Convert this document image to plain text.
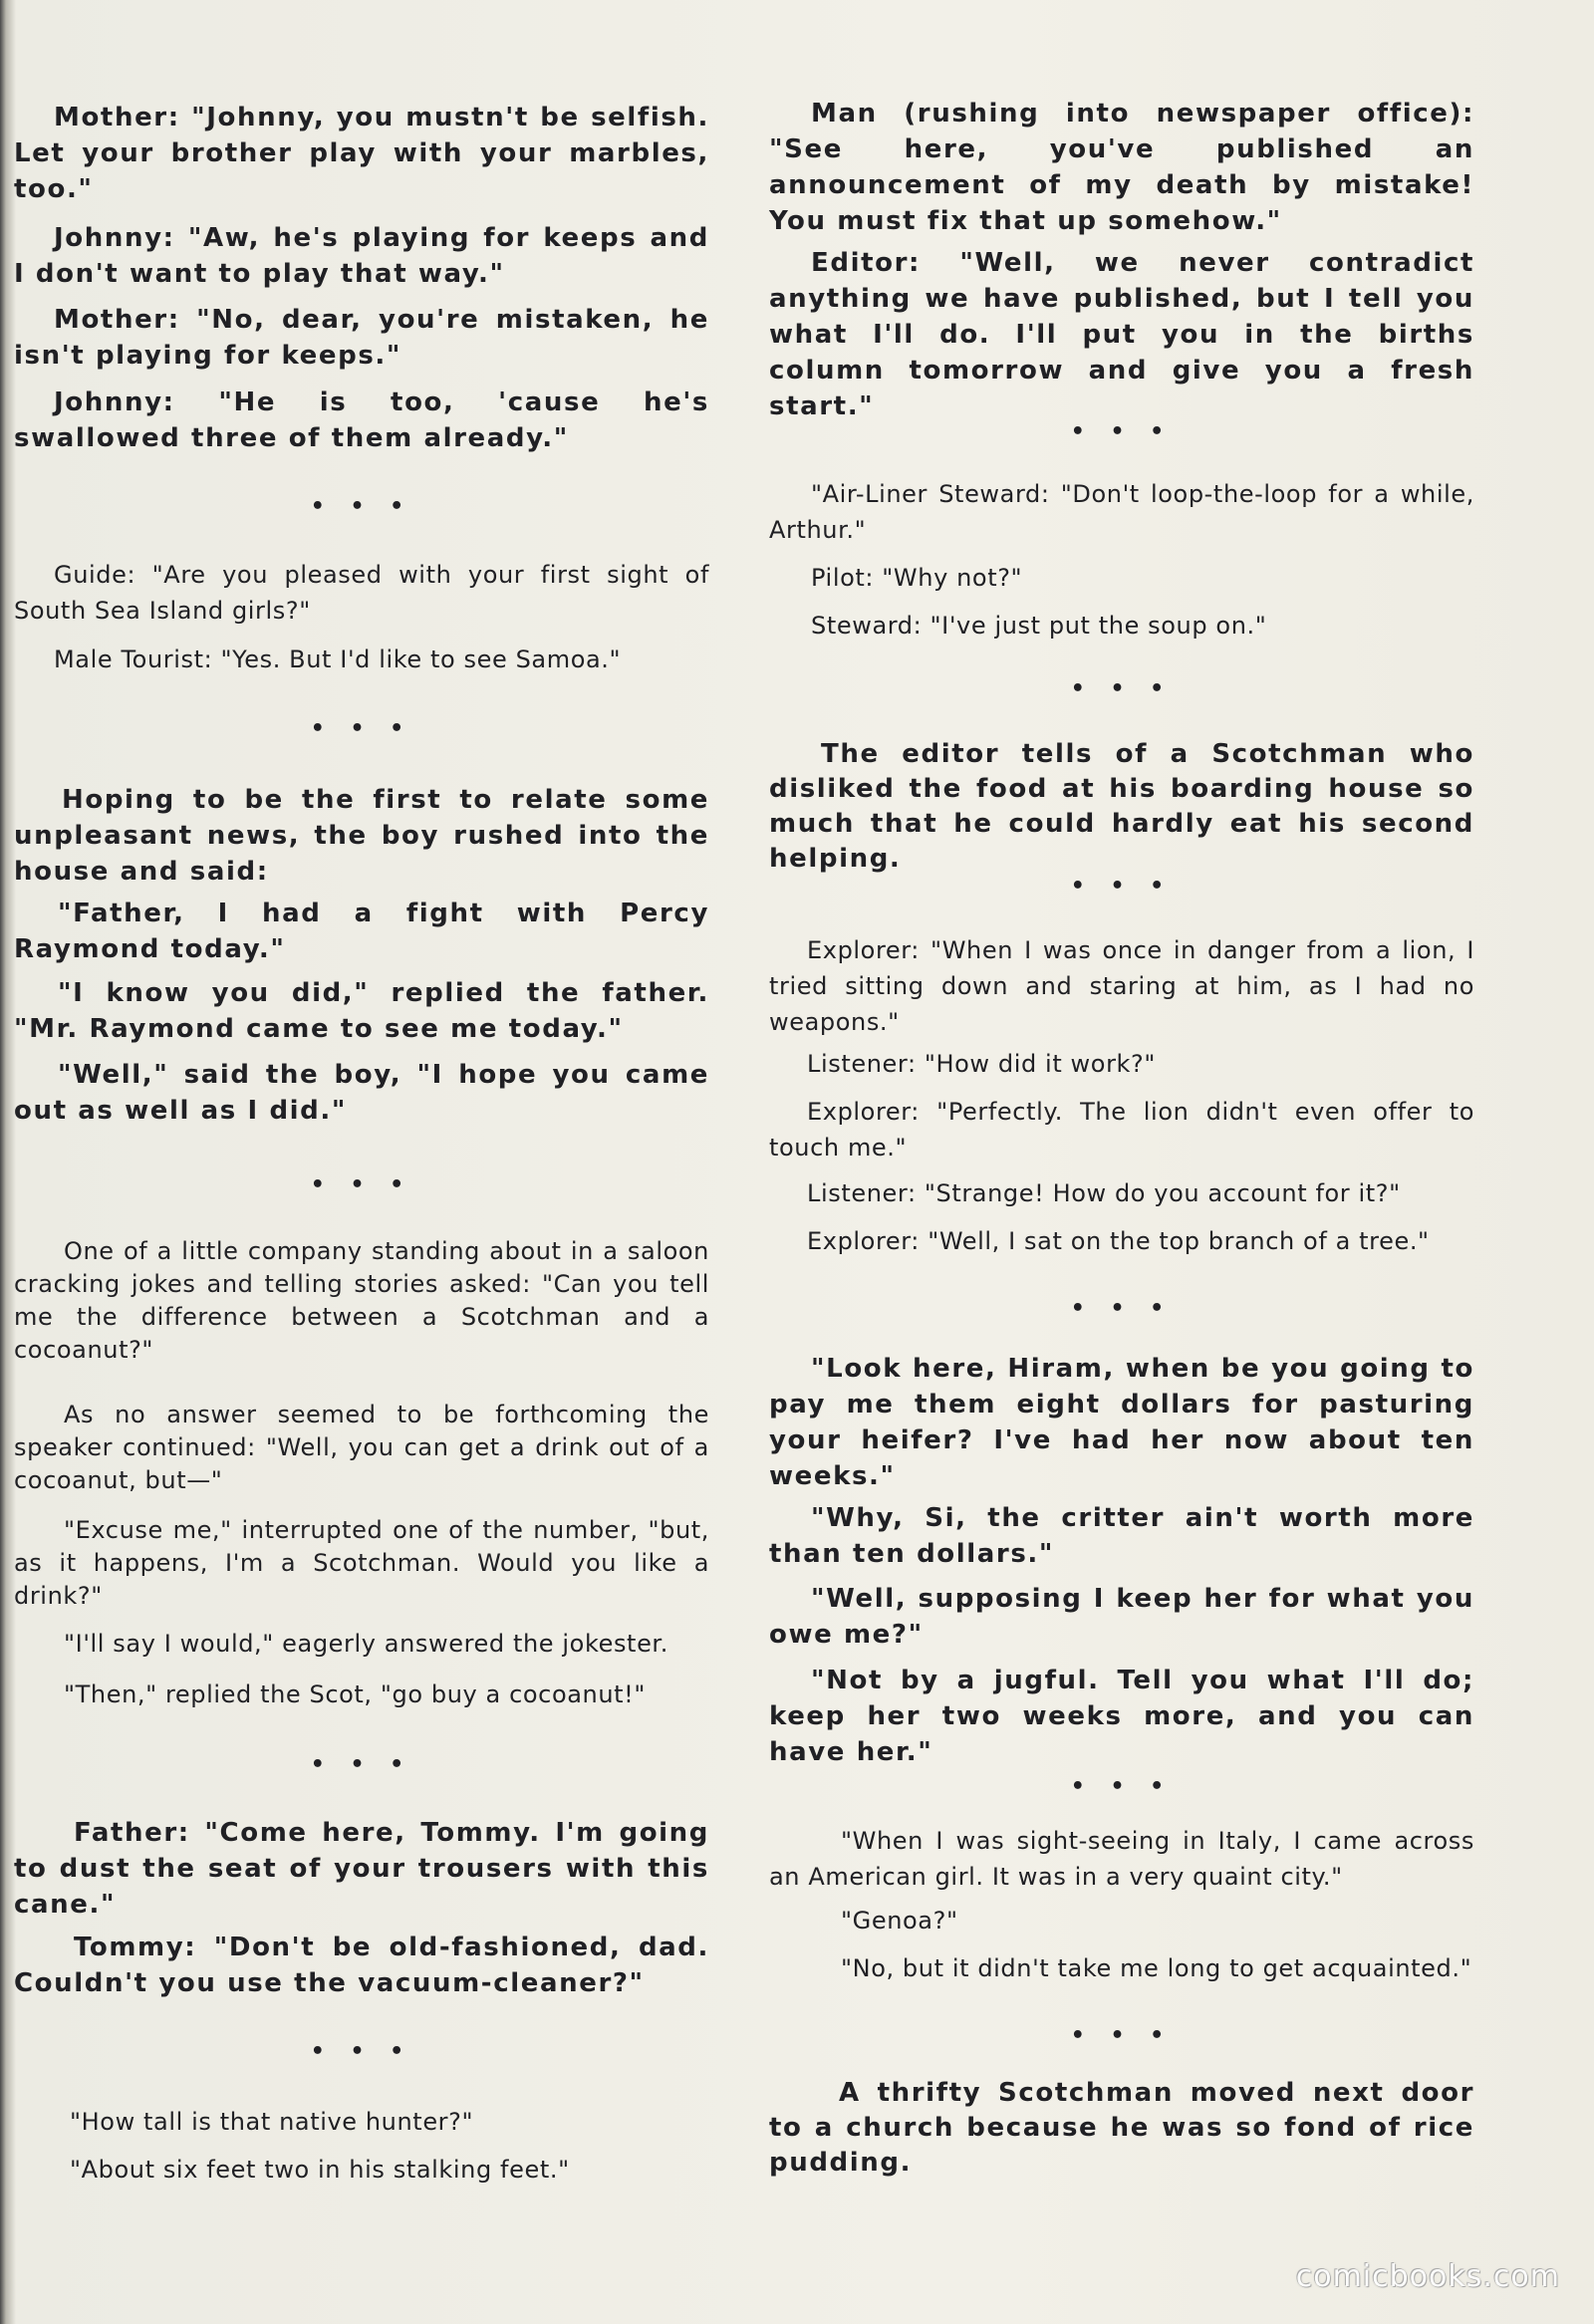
Mother: "Johnny, you mustn't be selfish. Let your brother play with your marbles, too."

Johnny: "Aw, he's playing for keeps and I don't want to play that way."

Mother: "No, dear, you're mistaken, he isn't playing for keeps."

Johnny: "He is too, 'cause he's swallowed three of them already."

• • •

Guide: "Are you pleased with your first sight of South Sea Island girls?"

Male Tourist: "Yes. But I'd like to see Samoa."

• • •

Hoping to be the first to relate some unpleasant news, the boy rushed into the house and said:

"Father, I had a fight with Percy Raymond today."

"I know you did," replied the father. "Mr. Raymond came to see me today."

"Well," said the boy, "I hope you came out as well as I did."

• • •

One of a little company standing about in a saloon cracking jokes and telling stories asked: "Can you tell me the difference between a Scotchman and a cocoanut?"

As no answer seemed to be forthcoming the speaker continued: "Well, you can get a drink out of a cocoanut, but—"

"Excuse me," interrupted one of the number, "but, as it happens, I'm a Scotchman. Would you like a drink?"

"I'll say I would," eagerly answered the jokester.

"Then," replied the Scot, "go buy a cocoanut!"

• • •

Father: "Come here, Tommy. I'm going to dust the seat of your trousers with this cane."

Tommy: "Don't be old-fashioned, dad. Couldn't you use the vacuum-cleaner?"

• • •

"How tall is that native hunter?"

"About six feet two in his stalking feet."

Man (rushing into newspaper office): "See here, you've published an announcement of my death by mistake! You must fix that up somehow."

Editor: "Well, we never contradict anything we have published, but I tell you what I'll do. I'll put you in the births column tomorrow and give you a fresh start."

• • •

"Air-Liner Steward: "Don't loop-the-loop for a while, Arthur."

Pilot: "Why not?"

Steward: "I've just put the soup on."

• • •

The editor tells of a Scotchman who disliked the food at his boarding house so much that he could hardly eat his second helping.

• • •

Explorer: "When I was once in danger from a lion, I tried sitting down and staring at him, as I had no weapons."

Listener: "How did it work?"

Explorer: "Perfectly. The lion didn't even offer to touch me."

Listener: "Strange! How do you account for it?"

Explorer: "Well, I sat on the top branch of a tree."

• • •

"Look here, Hiram, when be you going to pay me them eight dollars for pasturing your heifer? I've had her now about ten weeks."

"Why, Si, the critter ain't worth more than ten dollars."

"Well, supposing I keep her for what you owe me?"

"Not by a jugful. Tell you what I'll do; keep her two weeks more, and you can have her."

• • •

"When I was sight-seeing in Italy, I came across an American girl. It was in a very quaint city."

"Genoa?"

"No, but it didn't take me long to get acquainted."

• • •

A thrifty Scotchman moved next door to a church because he was so fond of rice pudding.

comicbooks.com
